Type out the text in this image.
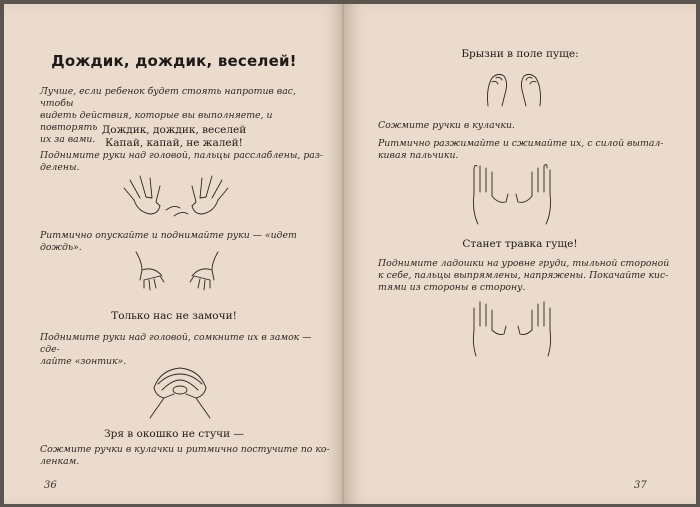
Дождик, дождик, веселей!
Лучше, если ребенок будет стоять напротив вас, чтобы
видеть действия, которые вы выполняете, и повторять
их за вами.
Дождик, дождик, веселей
Капай, капай, не жалей!
Поднимите руки над головой, пальцы расслаблены, раз-
делены.
Ритмично опускайте и поднимайте руки — «идет
дождь».
Только нас не замочи!
Поднимите руки над головой, сомкните их в замок — сде-
лайте «зонтик».
Зря в окошко не стучи —
Сожмите ручки в кулачки и ритмично постучите по ко-
ленкам.
36
Брызни в поле пуще:
Сожмите ручки в кулачки.
Ритмично разжимайте и сжимайте их, с силой вытал-
кивая пальчики.
Станет травка гуще!
Поднимите ладошки на уровне груди, тыльной стороной
к себе, пальцы выпрямлены, напряжены. Покачайте кис-
тями из стороны в сторону.
37
